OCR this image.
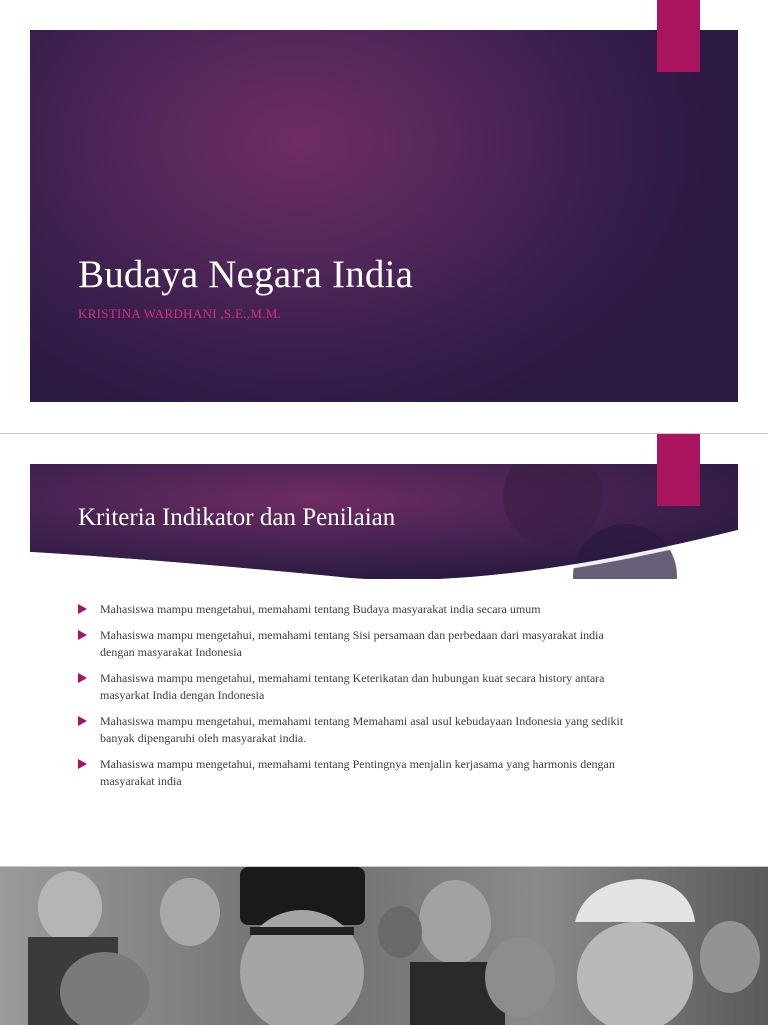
Budaya Negara India
KRISTINA WARDHANI ,S.E.,M.M.
Kriteria Indikator dan Penilaian
Mahasiswa mampu mengetahui, memahami tentang Budaya masyarakat india secara umum
Mahasiswa mampu mengetahui, memahami tentang Sisi persamaan dan perbedaan dari masyarakat india dengan masyarakat Indonesia
Mahasiswa mampu mengetahui, memahami tentang Keterikatan dan hubungan kuat secara history antara masyarkat India dengan Indonesia
Mahasiswa mampu mengetahui, memahami tentang Memahami asal usul kebudayaan Indonesia yang sedikit banyak dipengaruhi oleh masyarakat india.
Mahasiswa mampu mengetahui, memahami tentang Pentingnya menjalin kerjasama yang harmonis dengan masyarakat india
